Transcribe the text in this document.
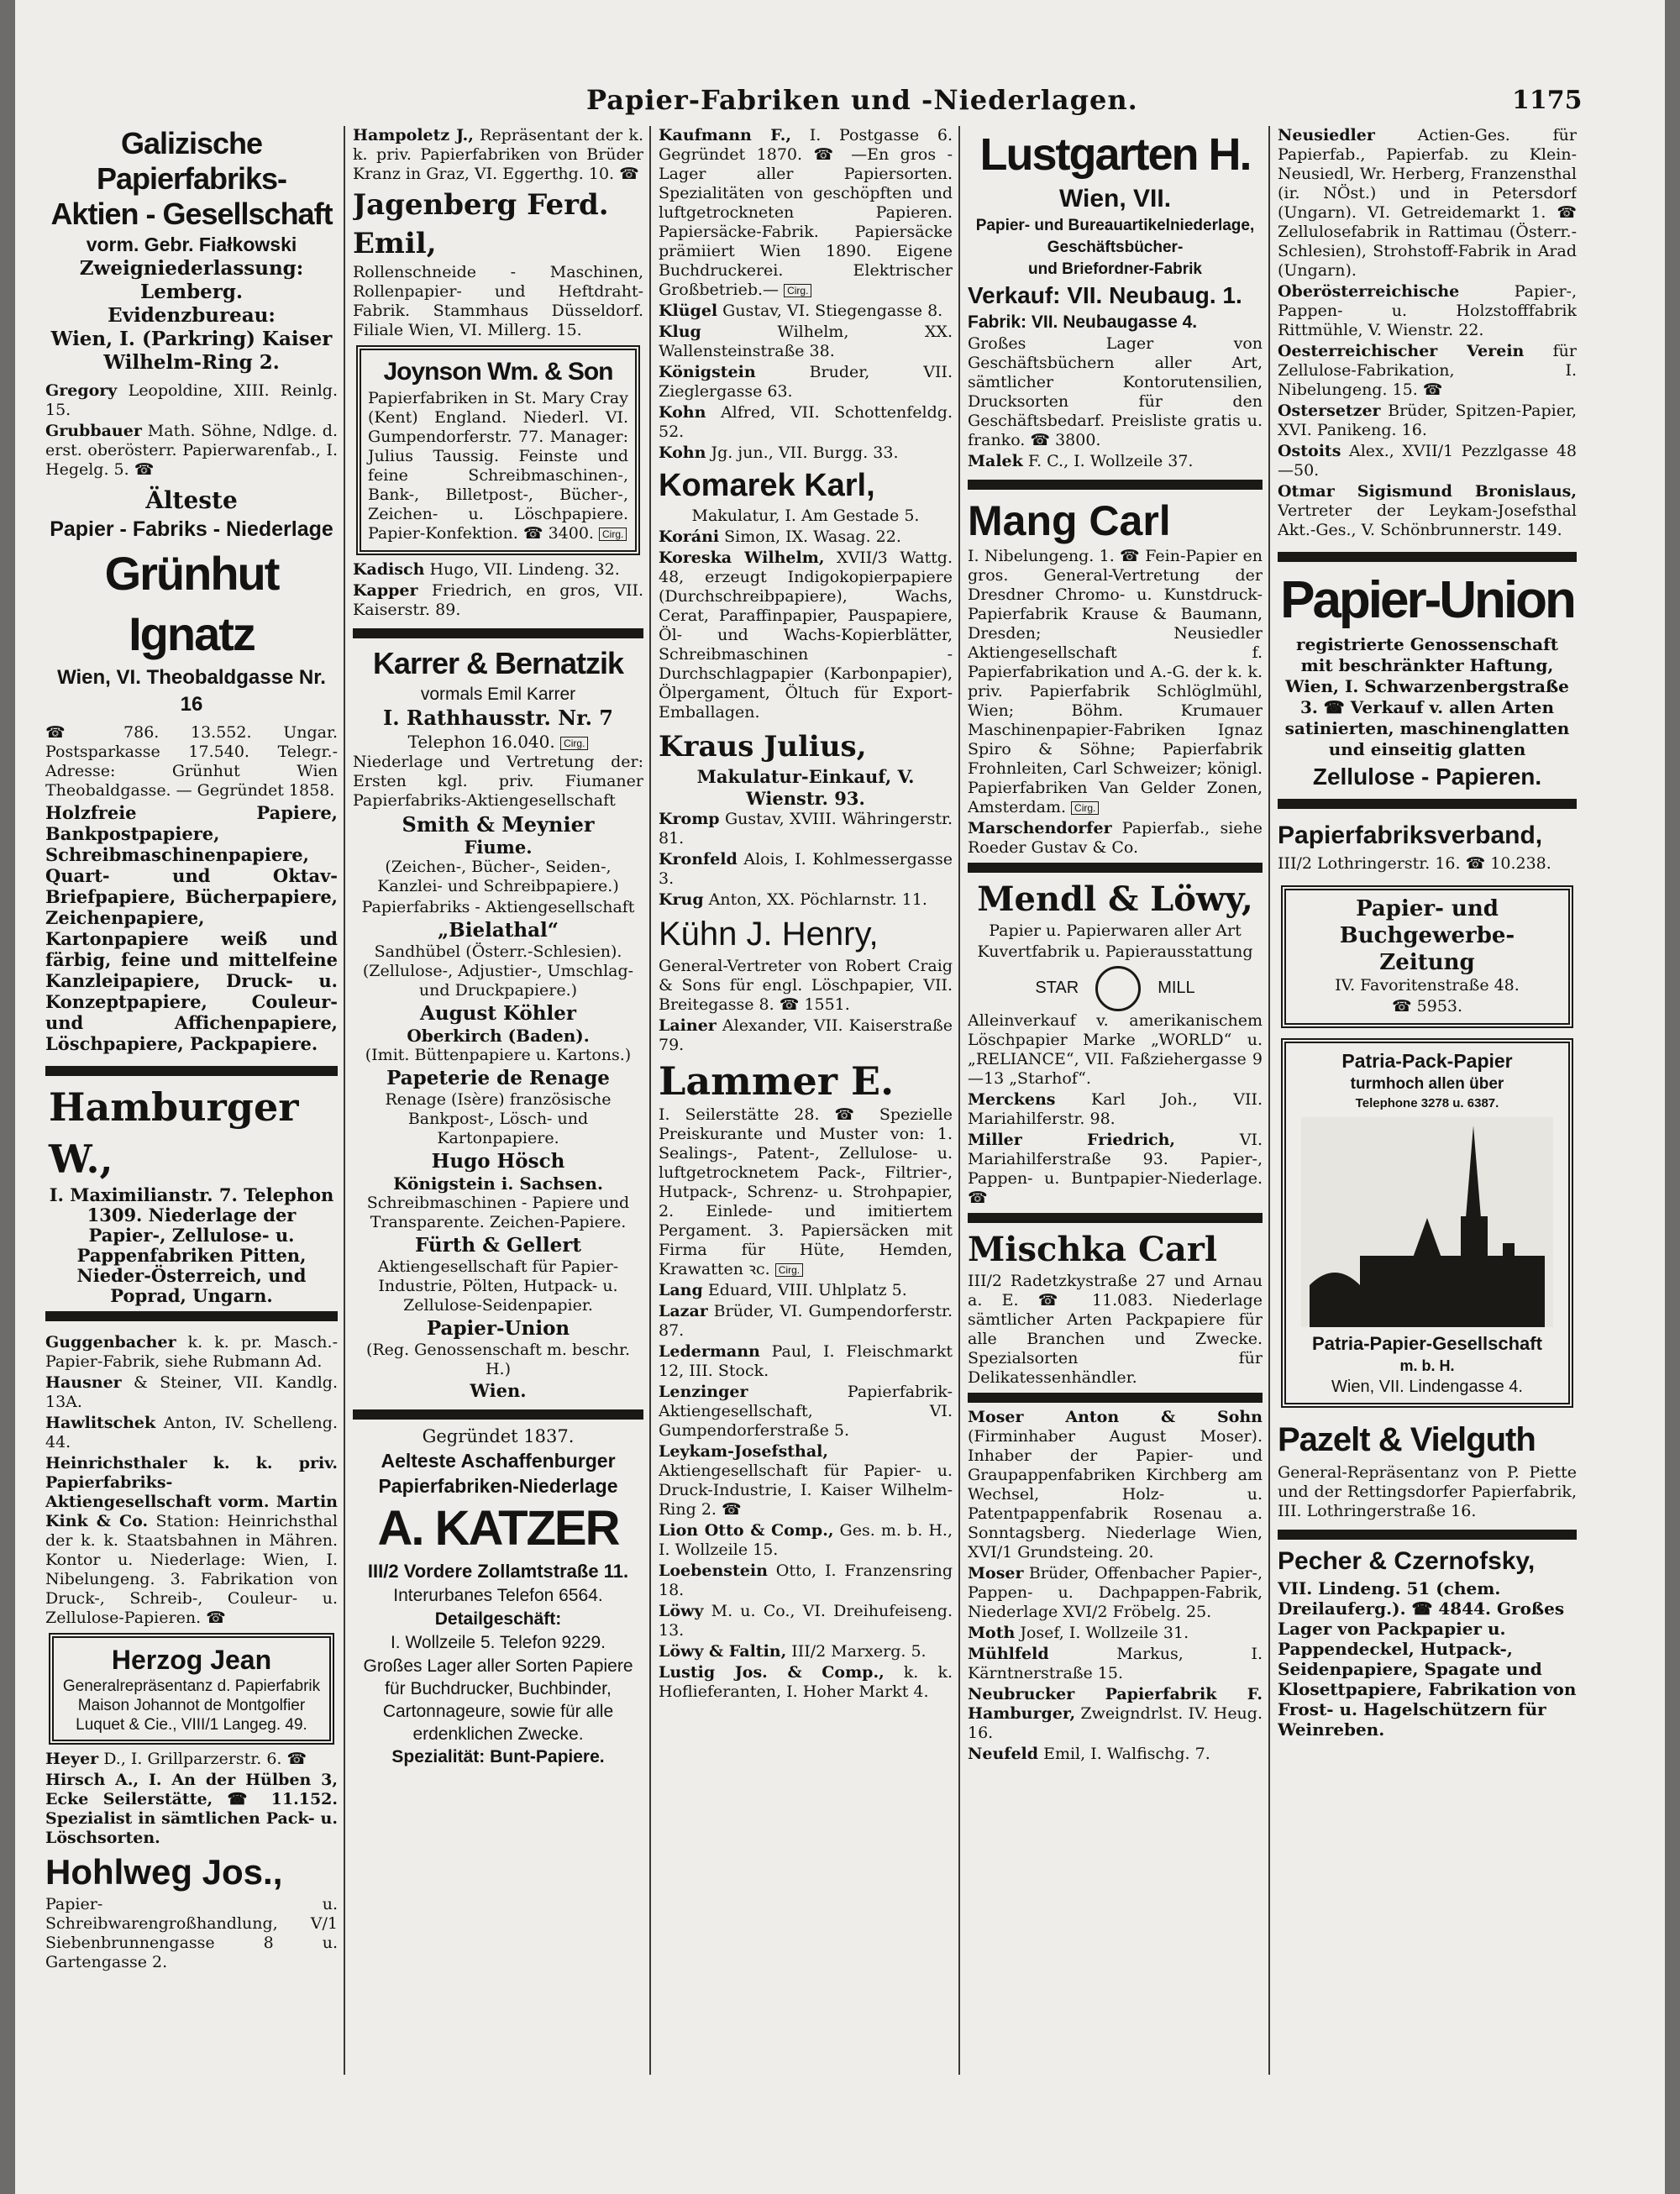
Papier-Fabriken und -Niederlagen.	1175

Galizische Papierfabriks-

Aktien - Gesellschaft

vorm. Gebr. Fiałkowski

Zweigniederlassung:

Lemberg.

Evidenzbureau:

Wien, I. (Parkring) Kaiser

Wilhelm-Ring 2.

Gregory Leopoldine, XIII. Reinlg. 15.

Grubbauer Math. Söhne, Ndlge. d. erst. oberösterr. Papierwarenfab., I. Hegelg. 5. ☎

Älteste

Papier - Fabriks - Niederlage

Grünhut Ignatz

Wien, VI. Theobaldgasse Nr. 16

☎ 786. 13.552. Ungar. Postsparkasse 17.540. Telegr.-Adresse: Grünhut Wien Theobaldgasse. — Gegründet 1858.

Holzfreie Papiere, Bankpostpapiere, Schreibmaschinenpapiere, Quart- und Oktav-Briefpapiere, Bücherpapiere, Zeichenpapiere, Kartonpapiere weiß und färbig, feine und mittelfeine Kanzleipapiere, Druck- u. Konzeptpapiere, Couleur- und Affichenpapiere, Löschpapiere, Packpapiere.

Hamburger W.,

I. Maximilianstr. 7. Telephon 1309. Niederlage der Papier-, Zellulose- u. Pappenfabriken Pitten, Nieder-Österreich, und Poprad, Ungarn.

Guggenbacher k. k. pr. Masch.-Papier-Fabrik, siehe Rubmann Ad.

Hausner & Steiner, VII. Kandlg. 13A.

Hawlitschek Anton, IV. Schelleng. 44.

Heinrichsthaler k. k. priv. Papierfabriks-Aktiengesellschaft vorm. Martin Kink & Co. Station: Heinrichsthal der k. k. Staatsbahnen in Mähren. Kontor u. Niederlage: Wien, I. Nibelungeng. 3. Fabrikation von Druck-, Schreib-, Couleur- u. Zellulose-Papieren. ☎

Herzog Jean

Generalrepräsentanz d. Papierfabrik Maison Johannot de Montgolfier Luquet & Cie., VIII/1 Langeg. 49.

Heyer D., I. Grillparzerstr. 6. ☎

Hirsch A., I. An der Hülben 3, Ecke Seilerstätte, ☎ 11.152. Spezialist in sämtlichen Pack- u. Löschsorten.

Hohlweg Jos.,

Papier- u. Schreibwarengroßhandlung, V/1 Siebenbrunnengasse 8 u. Gartengasse 2.

Hampoletz J., Repräsentant der k. k. priv. Papierfabriken von Brüder Kranz in Graz, VI. Eggerthg. 10. ☎

Jagenberg Ferd. Emil,

Rollenschneide - Maschinen, Rollenpapier- und Heftdraht-Fabrik. Stammhaus Düsseldorf. Filiale Wien, VI. Millerg. 15.

Joynson Wm. & Son

Papierfabriken in St. Mary Cray (Kent) England. Niederl. VI. Gumpendorferstr. 77. Manager: Julius Taussig. Feinste und feine Schreibmaschinen-, Bank-, Billetpost-, Bücher-, Zeichen- u. Löschpapiere. Papier-Konfektion. ☎ 3400. Cirg.

Kadisch Hugo, VII. Lindeng. 32.

Kapper Friedrich, en gros, VII. Kaiserstr. 89.

Karrer & Bernatzik

vormals Emil Karrer

I. Rathhausstr. Nr. 7

Telephon 16.040. Cirg.

Niederlage und Vertretung der: Ersten kgl. priv. Fiumaner Papierfabriks-Aktiengesellschaft

Smith & Meynier

Fiume.

(Zeichen-, Bücher-, Seiden-, Kanzlei- und Schreibpapiere.)

Papierfabriks - Aktiengesellschaft

„Bielathal“

Sandhübel (Österr.-Schlesien). (Zellulose-, Adjustier-, Umschlag- und Druckpapiere.)

August Köhler

Oberkirch (Baden).

(Imit. Büttenpapiere u. Kartons.)

Papeterie de Renage

Renage (Isère) französische Bankpost-, Lösch- und Kartonpapiere.

Hugo Hösch

Königstein i. Sachsen.

Schreibmaschinen - Papiere und Transparente. Zeichen-Papiere.

Fürth & Gellert

Aktiengesellschaft für Papier-Industrie, Pölten, Hutpack- u. Zellulose-Seidenpapier.

Papier-Union

(Reg. Genossenschaft m. beschr. H.)

Wien.

Gegründet 1837.

Aelteste Aschaffenburger

Papierfabriken-Niederlage

A. KATZER

III/2 Vordere Zollamtstraße 11.

Interurbanes Telefon 6564.

Detailgeschäft:

I. Wollzeile 5. Telefon 9229.

Großes Lager aller Sorten Papiere für Buchdrucker, Buchbinder, Cartonnageure, sowie für alle erdenklichen Zwecke.

Spezialität: Bunt-Papiere.

Kaufmann F., I. Postgasse 6. Gegründet 1870. ☎ —En gros - Lager aller Papiersorten. Spezialitäten von geschöpften und luftgetrockneten Papieren. Papiersäcke-Fabrik. Papiersäcke prämiiert Wien 1890. Eigene Buchdruckerei. Elektrischer Großbetrieb.— Cirg.

Klügel Gustav, VI. Stiegengasse 8.

Klug Wilhelm, XX. Wallensteinstraße 38.

Königstein Bruder, VII. Zieglergasse 63.

Kohn Alfred, VII. Schottenfeldg. 52.

Kohn Jg. jun., VII. Burgg. 33.

Komarek Karl,

Makulatur, I. Am Gestade 5.

Koráni Simon, IX. Wasag. 22.

Koreska Wilhelm, XVII/3 Wattg. 48, erzeugt Indigokopierpapiere (Durchschreibpapiere), Wachs, Cerat, Paraffinpapier, Pauspapiere, Öl- und Wachs-Kopierblätter, Schreibmaschinen - Durchschlagpapier (Karbonpapier), Ölpergament, Öltuch für Export-Emballagen.

Kraus Julius,

Makulatur-Einkauf, V. Wienstr. 93.

Kromp Gustav, XVIII. Währingerstr. 81.

Kronfeld Alois, I. Kohlmessergasse 3.

Krug Anton, XX. Pöchlarnstr. 11.

Kühn J. Henry,

General-Vertreter von Robert Craig & Sons für engl. Löschpapier, VII. Breitegasse 8. ☎ 1551.

Lainer Alexander, VII. Kaiserstraße 79.

Lammer E.

I. Seilerstätte 28. ☎ Spezielle Preiskurante und Muster von: 1. Sealings-, Patent-, Zellulose- u. luftgetrocknetem Pack-, Filtrier-, Hutpack-, Schrenz- u. Strohpapier, 2. Einlede- und imitiertem Pergament. 3. Papiersäcken mit Firma für Hüte, Hemden, Krawatten ꝛc. Cirg.

Lang Eduard, VIII. Uhlplatz 5.

Lazar Brüder, VI. Gumpendorferstr. 87.

Ledermann Paul, I. Fleischmarkt 12, III. Stock.

Lenzinger Papierfabrik-Aktiengesellschaft, VI. Gumpendorferstraße 5.

Leykam-Josefsthal, Aktiengesellschaft für Papier- u. Druck-Industrie, I. Kaiser Wilhelm-Ring 2. ☎

Lion Otto & Comp., Ges. m. b. H., I. Wollzeile 15.

Loebenstein Otto, I. Franzensring 18.

Löwy M. u. Co., VI. Dreihufeiseng. 13.

Löwy & Faltin, III/2 Marxerg. 5.

Lustig Jos. & Comp., k. k. Hoflieferanten, I. Hoher Markt 4.

Lustgarten H.

Wien, VII.

Papier- und Bureauartikelniederlage,

Geschäftsbücher-

und Briefordner-Fabrik

Verkauf: VII. Neubaug. 1.

Fabrik: VII. Neubaugasse 4.

Großes Lager von Geschäftsbüchern aller Art, sämtlicher Kontorutensilien, Drucksorten für den Geschäftsbedarf. Preisliste gratis u. franko. ☎ 3800.

Malek F. C., I. Wollzeile 37.

Mang Carl

I. Nibelungeng. 1. ☎ Fein-Papier en gros. General-Vertretung der Dresdner Chromo- u. Kunstdruck-Papierfabrik Krause & Baumann, Dresden; Neusiedler Aktiengesellschaft f. Papierfabrikation und A.-G. der k. k. priv. Papierfabrik Schlöglmühl, Wien; Böhm. Krumauer Maschinenpapier-Fabriken Ignaz Spiro & Söhne; Papierfabrik Frohnleiten, Carl Schweizer; königl. Papierfabriken Van Gelder Zonen, Amsterdam. Cirg.

Marschendorfer Papierfab., siehe Roeder Gustav & Co.

Mendl & Löwy,

Papier u. Papierwaren aller Art

Kuvertfabrik u. Papierausstattung

STAR	MILL

Alleinverkauf v. amerikanischem Löschpapier Marke „WORLD“ u. „RELIANCE“, VII. Faßziehergasse 9—13 „Starhof“.

Merckens Karl Joh., VII. Mariahilferstr. 98.

Miller Friedrich, VI. Mariahilferstraße 93. Papier-, Pappen- u. Buntpapier-Niederlage. ☎

Mischka Carl

III/2 Radetzkystraße 27 und Arnau a. E. ☎ 11.083. Niederlage sämtlicher Arten Packpapiere für alle Branchen und Zwecke. Spezialsorten für Delikatessenhändler.

Moser Anton & Sohn (Firminhaber August Moser). Inhaber der Papier- und Graupappenfabriken Kirchberg am Wechsel, Holz- u. Patentpappenfabrik Rosenau a. Sonntagsberg. Niederlage Wien, XVI/1 Grundsteing. 20.

Moser Brüder, Offenbacher Papier-, Pappen- u. Dachpappen-Fabrik, Niederlage XVI/2 Fröbelg. 25.

Moth Josef, I. Wollzeile 31.

Mühlfeld Markus, I. Kärntnerstraße 15.

Neubrucker Papierfabrik F. Hamburger, Zweigndrlst. IV. Heug. 16.

Neufeld Emil, I. Walfischg. 7.

Neusiedler Actien-Ges. für Papierfab., Papierfab. zu Klein-Neusiedl, Wr. Herberg, Franzensthal (ir. NÖst.) und in Petersdorf (Ungarn). VI. Getreidemarkt 1. ☎ Zellulosefabrik in Rattimau (Österr.-Schlesien), Strohstoff-Fabrik in Arad (Ungarn).

Oberösterreichische Papier-, Pappen- u. Holzstofffabrik Rittmühle, V. Wienstr. 22.

Oesterreichischer Verein für Zellulose-Fabrikation, I. Nibelungeng. 15. ☎

Ostersetzer Brüder, Spitzen-Papier, XVI. Panikeng. 16.

Ostoits Alex., XVII/1 Pezzlgasse 48—50.

Otmar Sigismund Bronislaus, Vertreter der Leykam-Josefsthal Akt.-Ges., V. Schönbrunnerstr. 149.

Papier-Union

registrierte Genossenschaft mit beschränkter Haftung, Wien, I. Schwarzenbergstraße 3. ☎ Verkauf v. allen Arten satinierten, maschinenglatten und einseitig glatten

Zellulose - Papieren.

Papierfabriksverband,

III/2 Lothringerstr. 16. ☎ 10.238.

Papier- und

Buchgewerbe-Zeitung

IV. Favoritenstraße 48.

☎ 5953.

Patria-Pack-Papier

turmhoch allen über

Telephone 3278 u. 6387.

Patria-Papier-Gesellschaft

m. b. H.

Wien, VII. Lindengasse 4.

Pazelt & Vielguth

General-Repräsentanz von P. Piette und der Rettingsdorfer Papierfabrik, III. Lothringerstraße 16.

Pecher & Czernofsky,

VII. Lindeng. 51 (chem. Dreilauferg.). ☎ 4844. Großes Lager von Packpapier u. Pappendeckel, Hutpack-, Seidenpapiere, Spagate und Klosettpapiere, Fabrikation von Frost- u. Hagelschützern für Weinreben.
